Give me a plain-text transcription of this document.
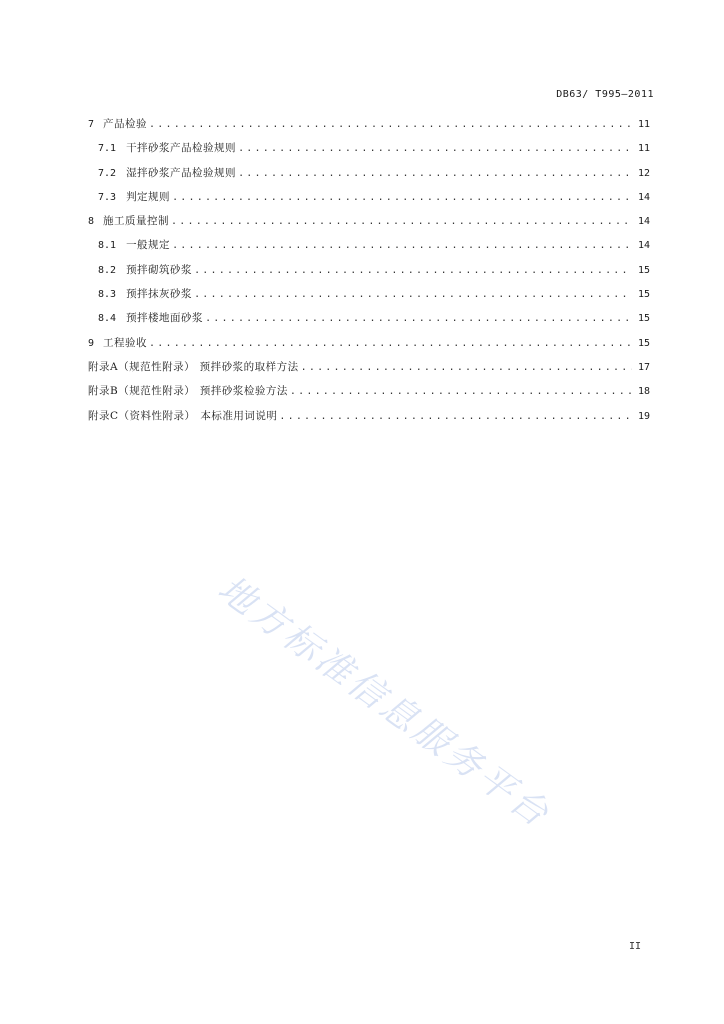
DB63/ T995—2011
7 产品检验 .....	11
7.1 干拌砂浆产品检验规则 .....	11
7.2 湿拌砂浆产品检验规则 .....	12
7.3 判定规则 .....	14
8 施工质量控制 .....	14
8.1 一般规定 .....	14
8.2 预拌砌筑砂浆 .....	15
8.3 预拌抹灰砂浆 .....	15
8.4 预拌楼地面砂浆 .....	15
9 工程验收 .....	15
附录A（规范性附录） 预拌砂浆的取样方法 .....	17
附录B（规范性附录） 预拌砂浆检验方法 .....	18
附录C（资料性附录） 本标准用词说明 .....	19
地方标准信息服务平台
II
